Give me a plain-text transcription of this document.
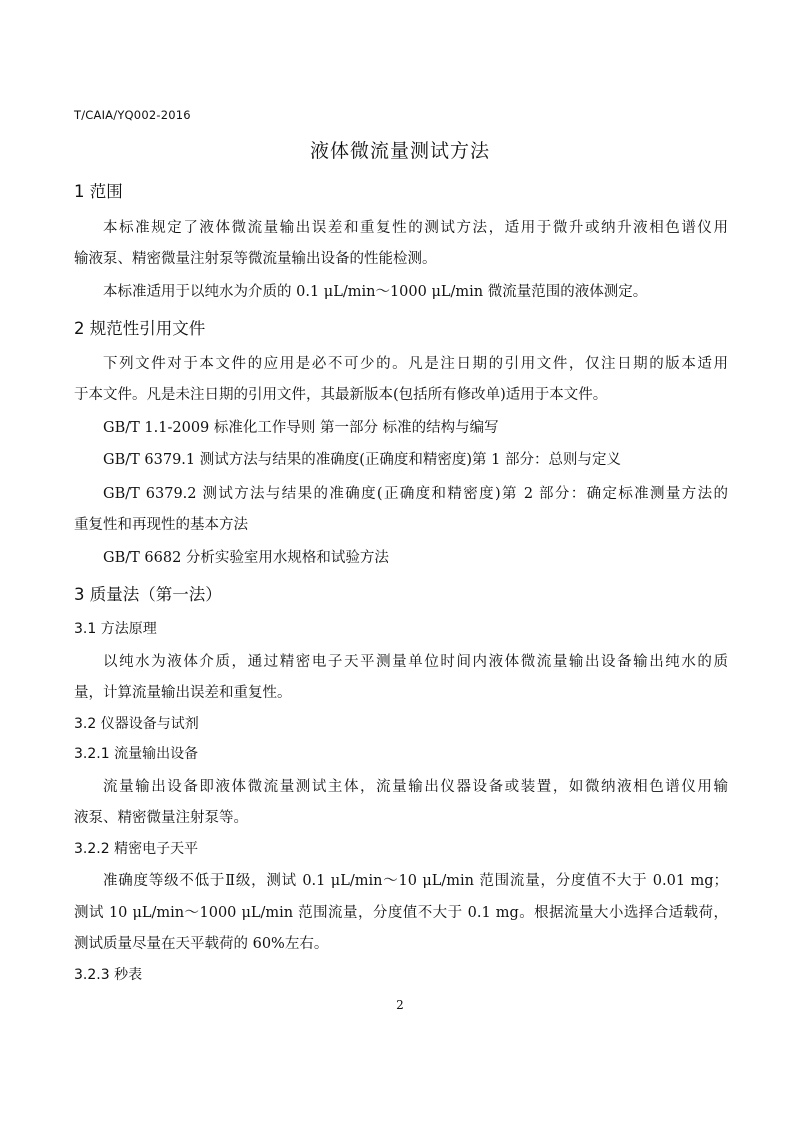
T/CAIA/YQ002-2016
液体微流量测试方法
1 范围
本标准规定了液体微流量输出误差和重复性的测试方法，适用于微升或纳升液相色谱仪用
输液泵、精密微量注射泵等微流量输出设备的性能检测。
本标准适用于以纯水为介质的 0.1 μL/min～1000 μL/min 微流量范围的液体测定。
2 规范性引用文件
下列文件对于本文件的应用是必不可少的。凡是注日期的引用文件，仅注日期的版本适用
于本文件。凡是未注日期的引用文件，其最新版本(包括所有修改单)适用于本文件。
GB/T 1.1-2009 标准化工作导则 第一部分 标准的结构与编写
GB/T 6379.1 测试方法与结果的准确度(正确度和精密度)第 1 部分：总则与定义
GB/T 6379.2 测试方法与结果的准确度(正确度和精密度)第 2 部分：确定标准测量方法的
重复性和再现性的基本方法
GB/T 6682 分析实验室用水规格和试验方法
3 质量法（第一法）
3.1 方法原理
以纯水为液体介质，通过精密电子天平测量单位时间内液体微流量输出设备输出纯水的质
量，计算流量输出误差和重复性。
3.2 仪器设备与试剂
3.2.1 流量输出设备
流量输出设备即液体微流量测试主体，流量输出仪器设备或装置，如微纳液相色谱仪用输
液泵、精密微量注射泵等。
3.2.2 精密电子天平
准确度等级不低于Ⅱ级，测试 0.1 μL/min～10 μL/min 范围流量，分度值不大于 0.01 mg；
测试 10 μL/min～1000 μL/min 范围流量，分度值不大于 0.1 mg。根据流量大小选择合适载荷，
测试质量尽量在天平载荷的 60%左右。
3.2.3 秒表
2
